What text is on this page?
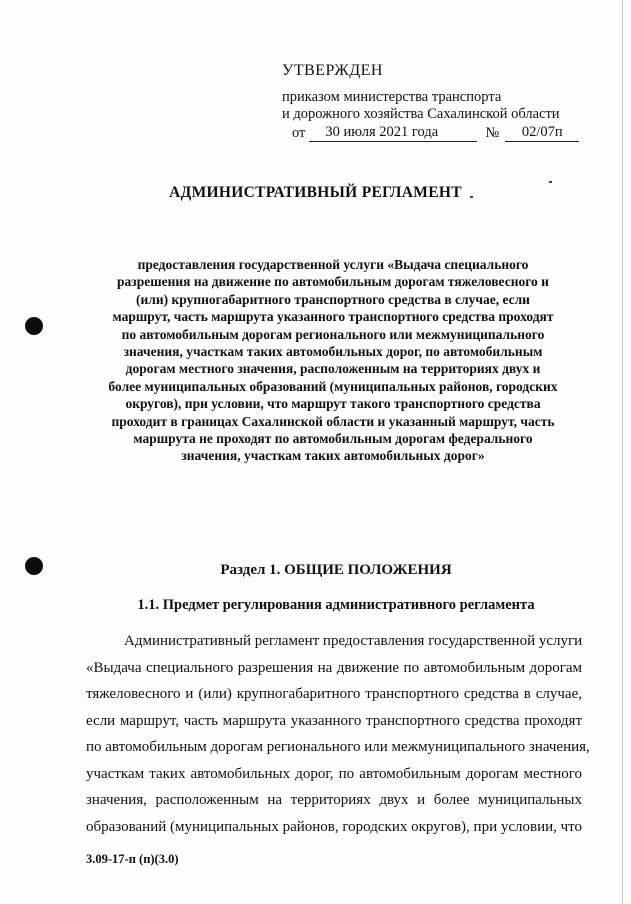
УТВЕРЖДЕН
приказом министерства транспорта
и дорожного хозяйства Сахалинской области
от	30 июля 2021 года	№	02/07п
АДМИНИСТРАТИВНЫЙ РЕГЛАМЕНТ
предоставления государственной услуги «Выдача специального
разрешения на движение по автомобильным дорогам тяжеловесного и
(или) крупногабаритного транспортного средства в случае, если
маршрут, часть маршрута указанного транспортного средства проходят
по автомобильным дорогам регионального или межмуниципального
значения, участкам таких автомобильных дорог, по автомобильным
дорогам местного значения, расположенным на территориях двух и
более муниципальных образований (муниципальных районов, городских
округов), при условии, что маршрут такого транспортного средства
проходит в границах Сахалинской области и указанный маршрут, часть
маршрута не проходят по автомобильным дорогам федерального
значения, участкам таких автомобильных дорог»
Раздел 1. ОБЩИЕ ПОЛОЖЕНИЯ
1.1. Предмет регулирования административного регламента
Административный регламент предоставления государственной услуги
«Выдача специального разрешения на движение по автомобильным дорогам
тяжеловесного и (или) крупногабаритного транспортного средства в случае,
если маршрут, часть маршрута указанного транспортного средства проходят
по автомобильным дорогам регионального или межмуниципального значения,
участкам таких автомобильных дорог, по автомобильным дорогам местного
значения, расположенным на территориях двух и более муниципальных
образований (муниципальных районов, городских округов), при условии, что
3.09-17-п (п)(3.0)
